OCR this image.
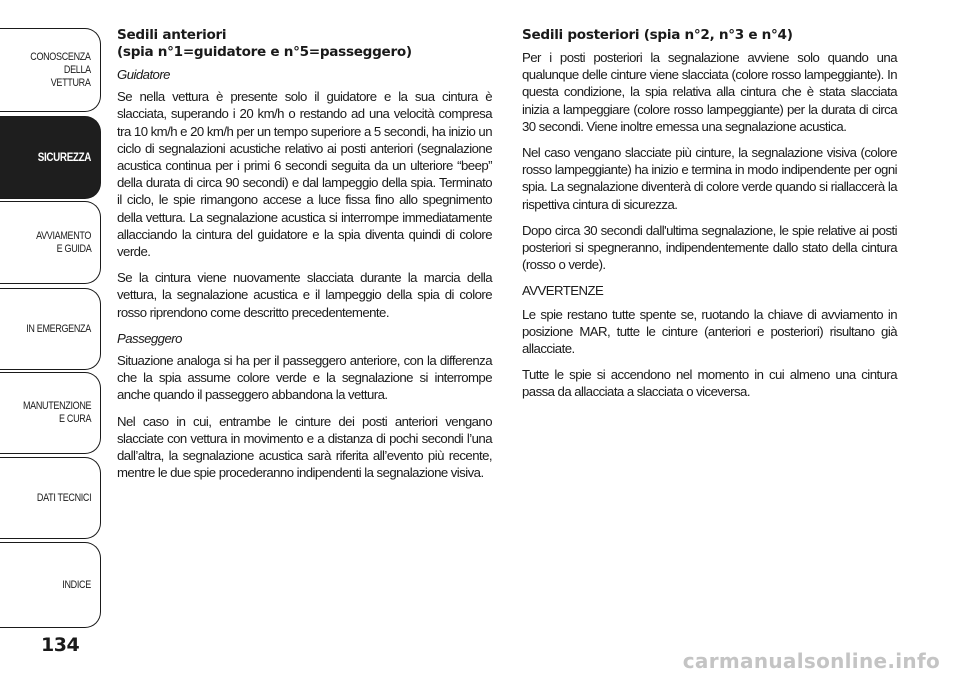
CONOSCENZA
DELLA
VETTURA
SICUREZZA
AVVIAMENTO
E GUIDA
IN EMERGENZA
MANUTENZIONE
E CURA
DATI TECNICI
INDICE
134
Sedili anteriori
(spia n°1=guidatore e n°5=passeggero)

Guidatore

Se nella vettura è presente solo il guidatore e la sua cintura è slacciata, superando i 20 km/h o restando ad una velocità compresa tra 10 km/h e 20 km/h per un tempo superiore a 5 secondi, ha inizio un ciclo di segnalazioni acustiche relativo ai posti anteriori (segnalazione acustica continua per i primi 6 secondi seguita da un ulteriore “beep” della durata di circa 90 secondi) e dal lampeggio della spia. Terminato il ciclo, le spie rimangono accese a luce fissa fino allo spegnimento della vettura. La segnalazione acustica si interrompe immediatamente allacciando la cintura del guidatore e la spia diventa quindi di colore verde.

Se la cintura viene nuovamente slacciata durante la marcia della vettura, la segnalazione acustica e il lampeggio della spia di colore rosso riprendono come descritto precedentemente.

Passeggero

Situazione analoga si ha per il passeggero anteriore, con la differenza che la spia assume colore verde e la segnalazione si interrompe anche quando il passeggero abbandona la vettura.

Nel caso in cui, entrambe le cinture dei posti anteriori vengano slacciate con vettura in movimento e a distanza di pochi secondi l’una dall’altra, la segnalazione acustica sarà riferita all’evento più recente, mentre le due spie procederanno indipendenti la segnalazione visiva.

Sedili posteriori (spia n°2, n°3 e n°4)

Per i posti posteriori la segnalazione avviene solo quando una qualunque delle cinture viene slacciata (colore rosso lampeggiante). In questa condizione, la spia relativa alla cintura che è stata slacciata inizia a lampeggiare (colore rosso lampeggiante) per la durata di circa 30 secondi. Viene inoltre emessa una segnalazione acustica.

Nel caso vengano slacciate più cinture, la segnalazione visiva (colore rosso lampeggiante) ha inizio e termina in modo indipendente per ogni spia. La segnalazione diventerà di colore verde quando si riallaccerà la rispettiva cintura di sicurezza.

Dopo circa 30 secondi dall'ultima segnalazione, le spie relative ai posti posteriori si spegneranno, indipendentemente dallo stato della cintura (rosso o verde).

AVVERTENZE

Le spie restano tutte spente se, ruotando la chiave di avviamento in posizione MAR, tutte le cinture (anteriori e posteriori) risultano già allacciate.

Tutte le spie si accendono nel momento in cui almeno una cintura passa da allacciata a slacciata o viceversa.

carmanualsonline.info
